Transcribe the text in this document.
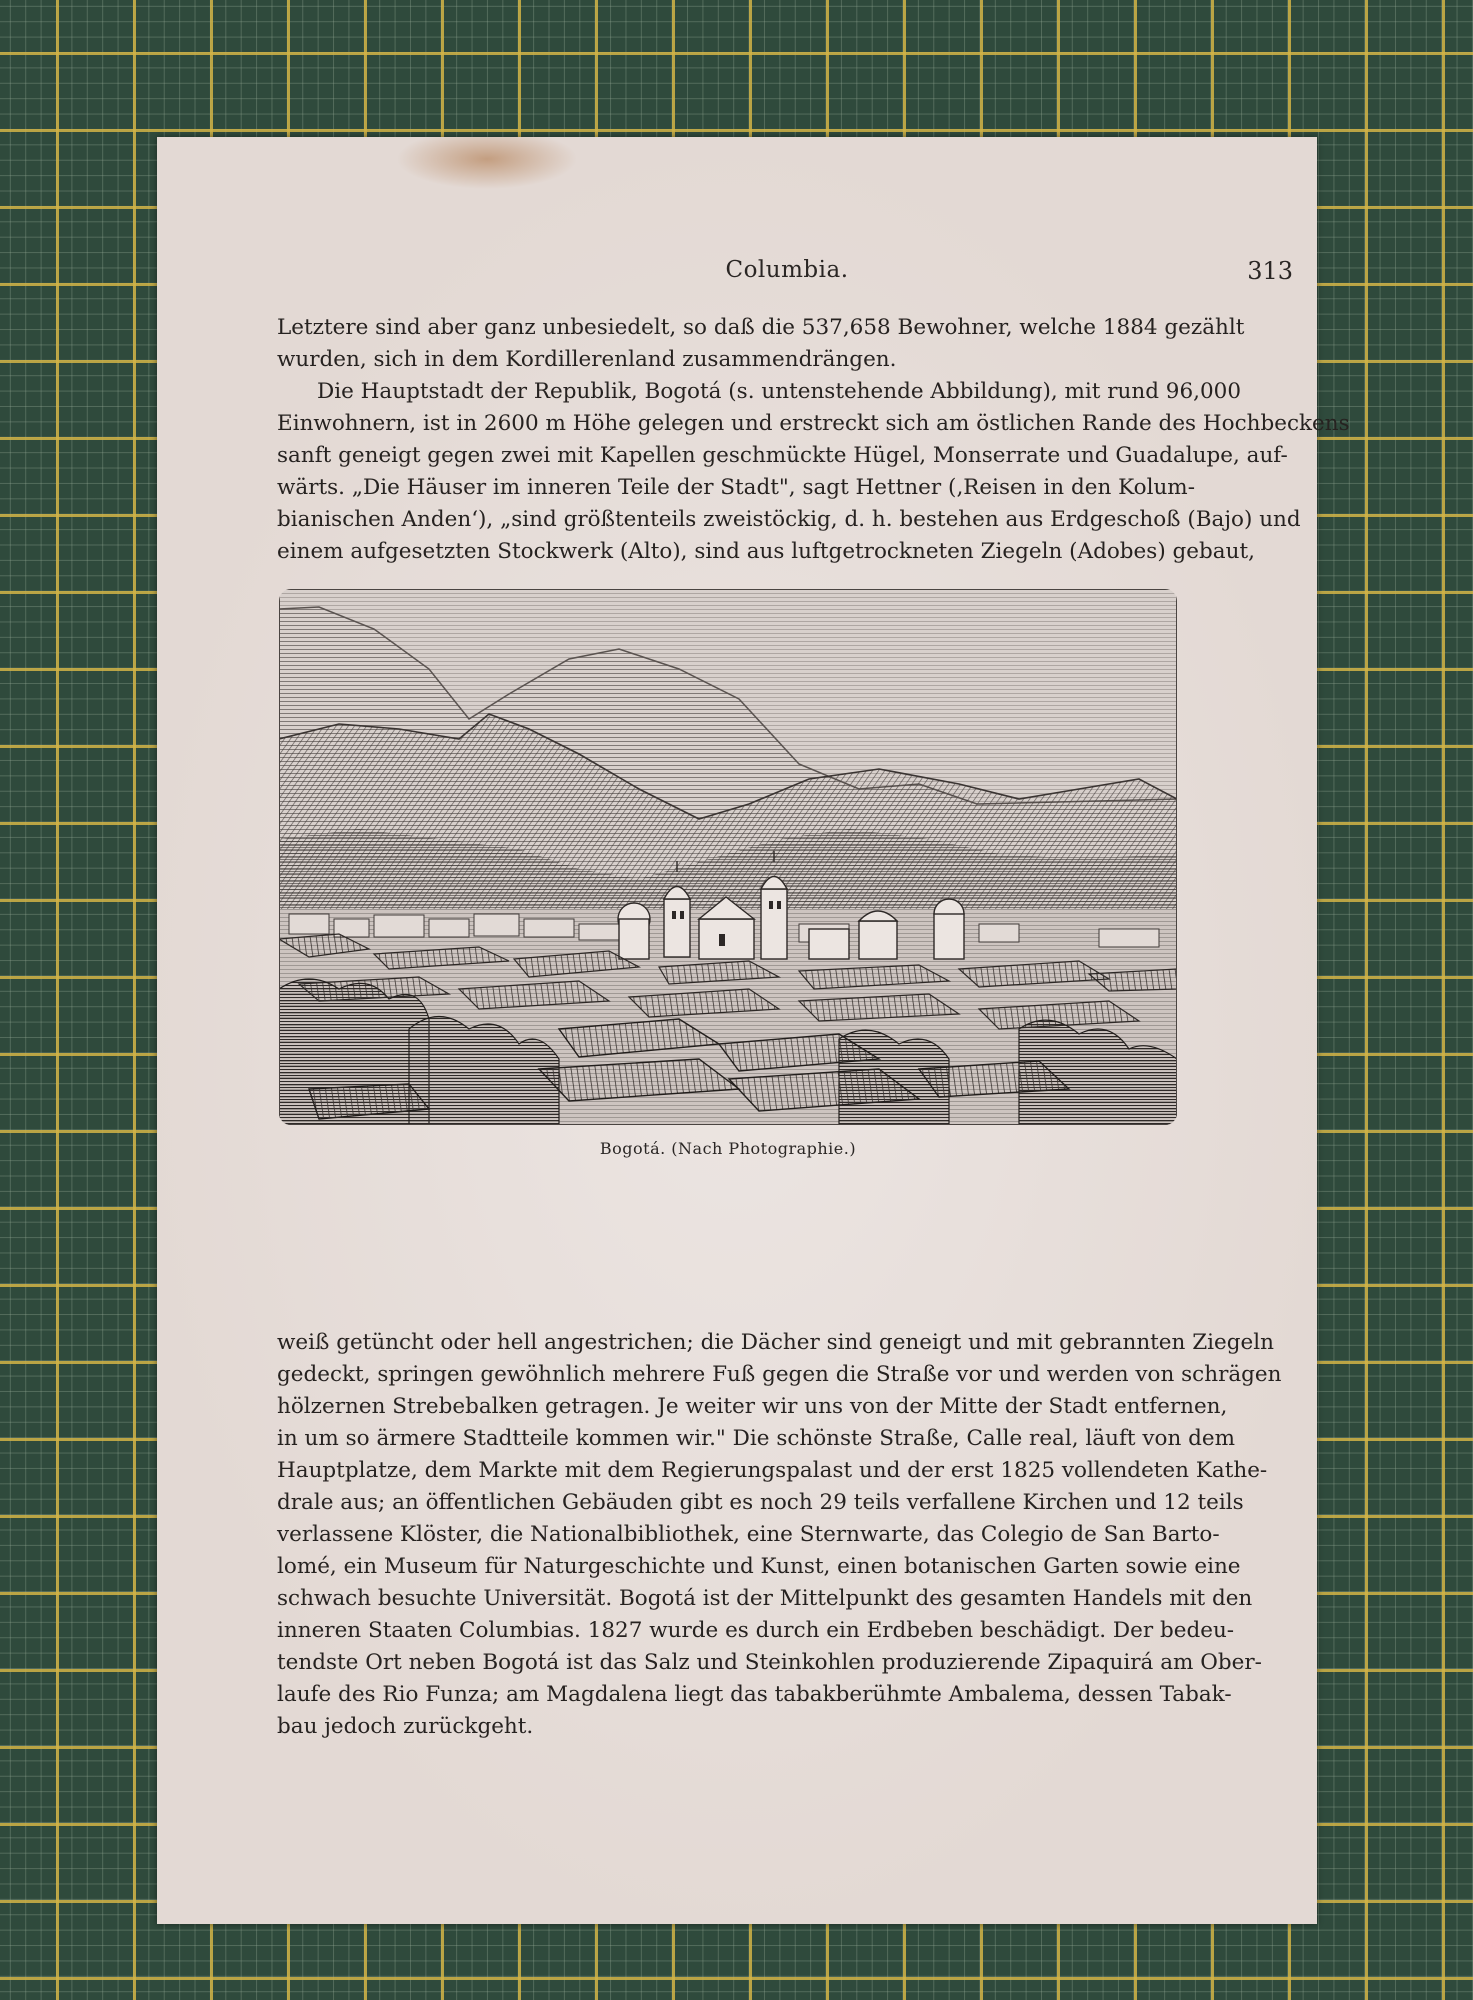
Columbia.	313
Letztere sind aber ganz unbesiedelt, so daß die 537,658 Bewohner, welche 1884 gezählt
wurden, sich in dem Kordillerenland zusammendrängen.
Die Hauptstadt der Republik, Bogotá (s. untenstehende Abbildung), mit rund 96,000
Einwohnern, ist in 2600 m Höhe gelegen und erstreckt sich am östlichen Rande des Hochbeckens
sanft geneigt gegen zwei mit Kapellen geschmückte Hügel, Monserrate und Guadalupe, auf-
wärts. „Die Häuser im inneren Teile der Stadt", sagt Hettner (‚Reisen in den Kolum-
bianischen Anden‘), „sind größtenteils zweistöckig, d. h. bestehen aus Erdgeschoß (Bajo) und
einem aufgesetzten Stockwerk (Alto), sind aus luftgetrockneten Ziegeln (Adobes) gebaut,
Bogotá. (Nach Photographie.)
weiß getüncht oder hell angestrichen; die Dächer sind geneigt und mit gebrannten Ziegeln
gedeckt, springen gewöhnlich mehrere Fuß gegen die Straße vor und werden von schrägen
hölzernen Strebebalken getragen. Je weiter wir uns von der Mitte der Stadt entfernen,
in um so ärmere Stadtteile kommen wir." Die schönste Straße, Calle real, läuft von dem
Hauptplatze, dem Markte mit dem Regierungspalast und der erst 1825 vollendeten Kathe-
drale aus; an öffentlichen Gebäuden gibt es noch 29 teils verfallene Kirchen und 12 teils
verlassene Klöster, die Nationalbibliothek, eine Sternwarte, das Colegio de San Barto-
lomé, ein Museum für Naturgeschichte und Kunst, einen botanischen Garten sowie eine
schwach besuchte Universität. Bogotá ist der Mittelpunkt des gesamten Handels mit den
inneren Staaten Columbias. 1827 wurde es durch ein Erdbeben beschädigt. Der bedeu-
tendste Ort neben Bogotá ist das Salz und Steinkohlen produzierende Zipaquirá am Ober-
laufe des Rio Funza; am Magdalena liegt das tabakberühmte Ambalema, dessen Tabak-
bau jedoch zurückgeht.
